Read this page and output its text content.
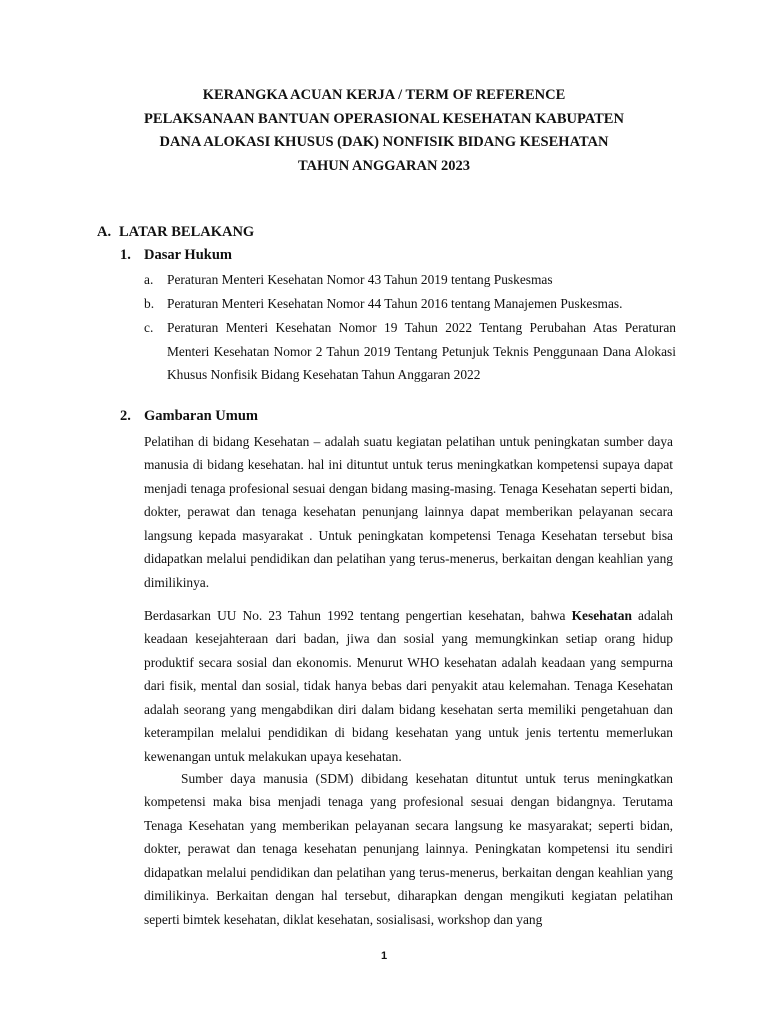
KERANGKA ACUAN KERJA / TERM OF REFERENCE
PELAKSANAAN BANTUAN OPERASIONAL KESEHATAN KABUPATEN
DANA ALOKASI KHUSUS (DAK) NONFISIK BIDANG KESEHATAN
TAHUN ANGGARAN 2023
A. LATAR BELAKANG
1. Dasar Hukum
a. Peraturan Menteri Kesehatan Nomor 43 Tahun 2019 tentang Puskesmas
b. Peraturan Menteri Kesehatan Nomor 44 Tahun 2016 tentang Manajemen Puskesmas.
c. Peraturan Menteri Kesehatan Nomor 19 Tahun 2022 Tentang Perubahan Atas Peraturan Menteri Kesehatan Nomor 2 Tahun 2019 Tentang Petunjuk Teknis Penggunaan Dana Alokasi Khusus Nonfisik Bidang Kesehatan Tahun Anggaran 2022
2. Gambaran Umum

Pelatihan di bidang Kesehatan – adalah suatu kegiatan pelatihan untuk peningkatan sumber daya manusia di bidang kesehatan. hal ini dituntut untuk terus meningkatkan kompetensi supaya dapat menjadi tenaga profesional sesuai dengan bidang masing-masing. Tenaga Kesehatan seperti bidan, dokter, perawat dan tenaga kesehatan penunjang lainnya dapat memberikan pelayanan secara langsung kepada masyarakat . Untuk peningkatan kompetensi Tenaga Kesehatan tersebut bisa didapatkan melalui pendidikan dan pelatihan yang terus-menerus, berkaitan dengan keahlian yang dimilikinya.

Berdasarkan UU No. 23 Tahun 1992 tentang pengertian kesehatan, bahwa Kesehatan adalah keadaan kesejahteraan dari badan, jiwa dan sosial yang memungkinkan setiap orang hidup produktif secara sosial dan ekonomis. Menurut WHO kesehatan adalah keadaan yang sempurna dari fisik, mental dan sosial, tidak hanya bebas dari penyakit atau kelemahan. Tenaga Kesehatan adalah seorang yang mengabdikan diri dalam bidang kesehatan serta memiliki pengetahuan dan keterampilan melalui pendidikan di bidang kesehatan yang untuk jenis tertentu memerlukan kewenangan untuk melakukan upaya kesehatan.

Sumber daya manusia (SDM) dibidang kesehatan dituntut untuk terus meningkatkan kompetensi maka bisa menjadi tenaga yang profesional sesuai dengan bidangnya. Terutama Tenaga Kesehatan yang memberikan pelayanan secara langsung ke masyarakat; seperti bidan, dokter, perawat dan tenaga kesehatan penunjang lainnya. Peningkatan kompetensi itu sendiri didapatkan melalui pendidikan dan pelatihan yang terus-menerus, berkaitan dengan keahlian yang dimilikinya. Berkaitan dengan hal tersebut, diharapkan dengan mengikuti kegiatan pelatihan seperti bimtek kesehatan, diklat kesehatan, sosialisasi, workshop dan yang

1
